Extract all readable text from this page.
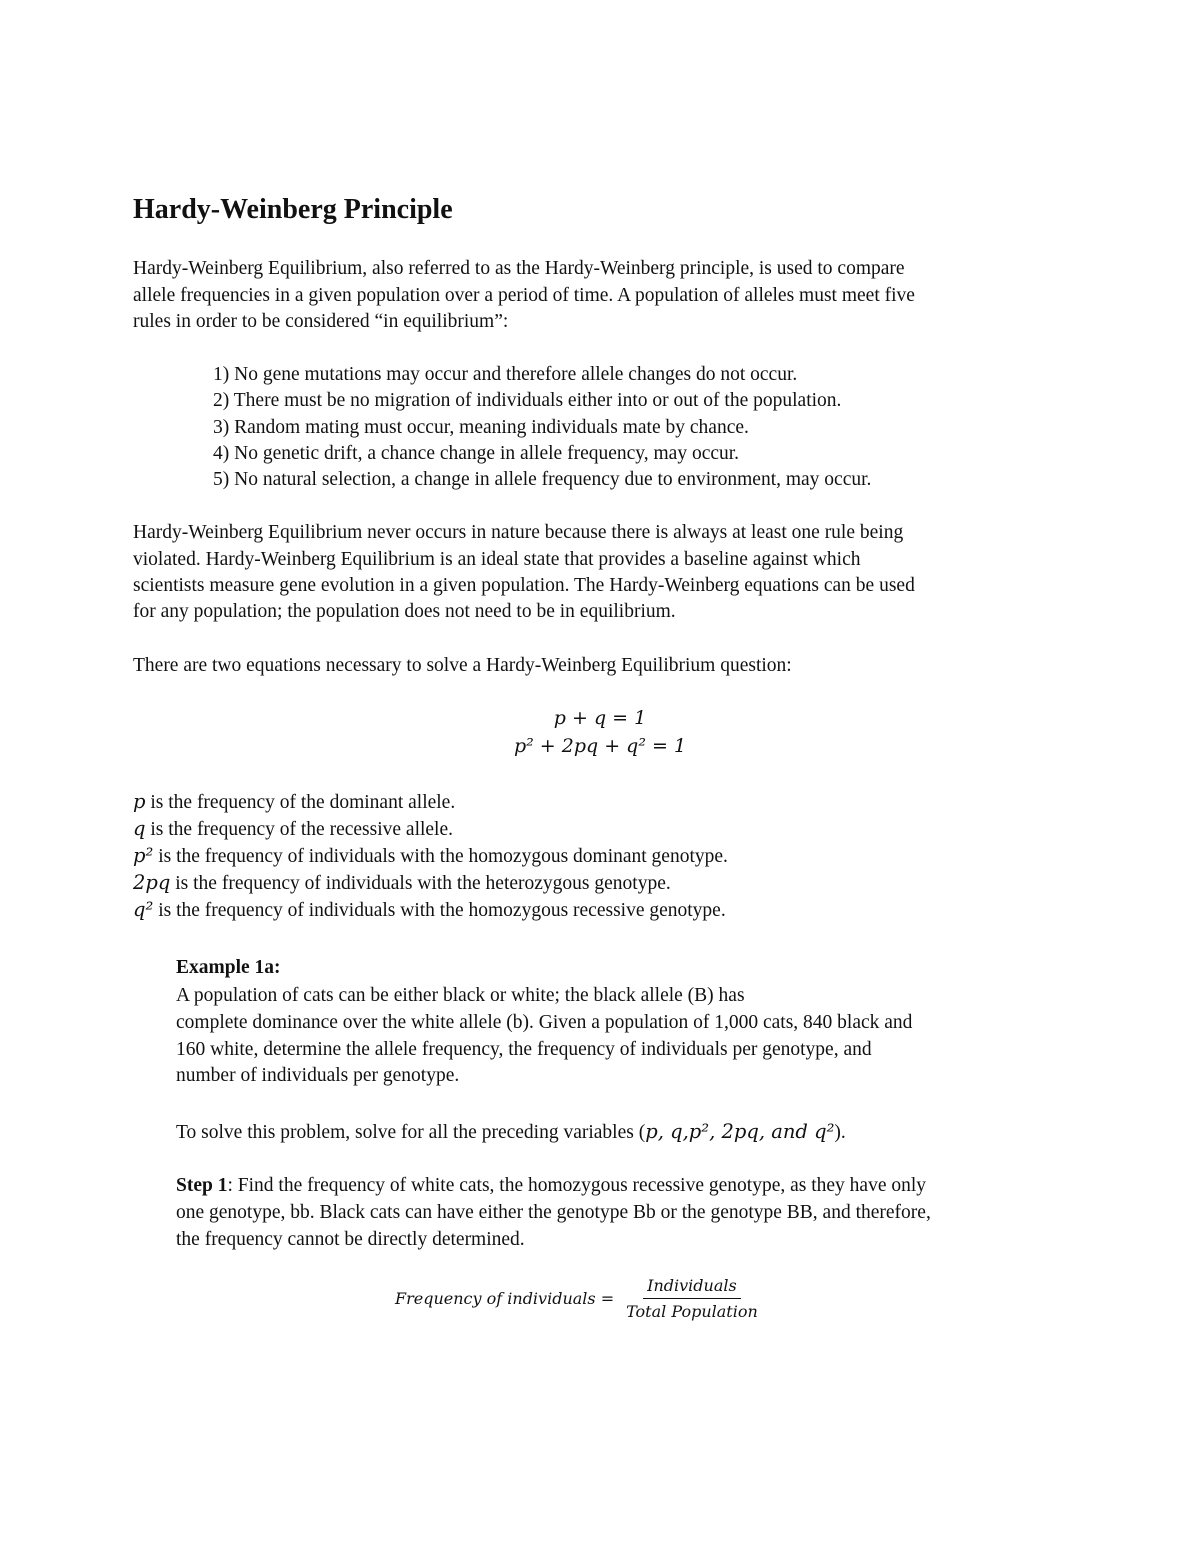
Hardy-Weinberg Principle
Hardy-Weinberg Equilibrium, also referred to as the Hardy-Weinberg principle, is used to compare
allele frequencies in a given population over a period of time. A population of alleles must meet five
rules in order to be considered “in equilibrium”:
1) No gene mutations may occur and therefore allele changes do not occur.
2) There must be no migration of individuals either into or out of the population.
3) Random mating must occur, meaning individuals mate by chance.
4) No genetic drift, a chance change in allele frequency, may occur.
5) No natural selection, a change in allele frequency due to environment, may occur.
Hardy-Weinberg Equilibrium never occurs in nature because there is always at least one rule being
violated. Hardy-Weinberg Equilibrium is an ideal state that provides a baseline against which
scientists measure gene evolution in a given population. The Hardy-Weinberg equations can be used
for any population; the population does not need to be in equilibrium.
There are two equations necessary to solve a Hardy-Weinberg Equilibrium question:
p + q = 1
p² + 2pq + q² = 1
p is the frequency of the dominant allele.
q is the frequency of the recessive allele.
p² is the frequency of individuals with the homozygous dominant genotype.
2pq is the frequency of individuals with the heterozygous genotype.
q² is the frequency of individuals with the homozygous recessive genotype.
Example 1a:
A population of cats can be either black or white; the black allele (B) has
complete dominance over the white allele (b). Given a population of 1,000 cats, 840 black and
160 white, determine the allele frequency, the frequency of individuals per genotype, and
number of individuals per genotype.
To solve this problem, solve for all the preceding variables (p, q,p², 2pq, and q²).
Step 1: Find the frequency of white cats, the homozygous recessive genotype, as they have only
one genotype, bb. Black cats can have either the genotype Bb or the genotype BB, and therefore,
the frequency cannot be directly determined.
Frequency of individuals = $\frac{\text{Individuals}}{\text{Total Population}}$
